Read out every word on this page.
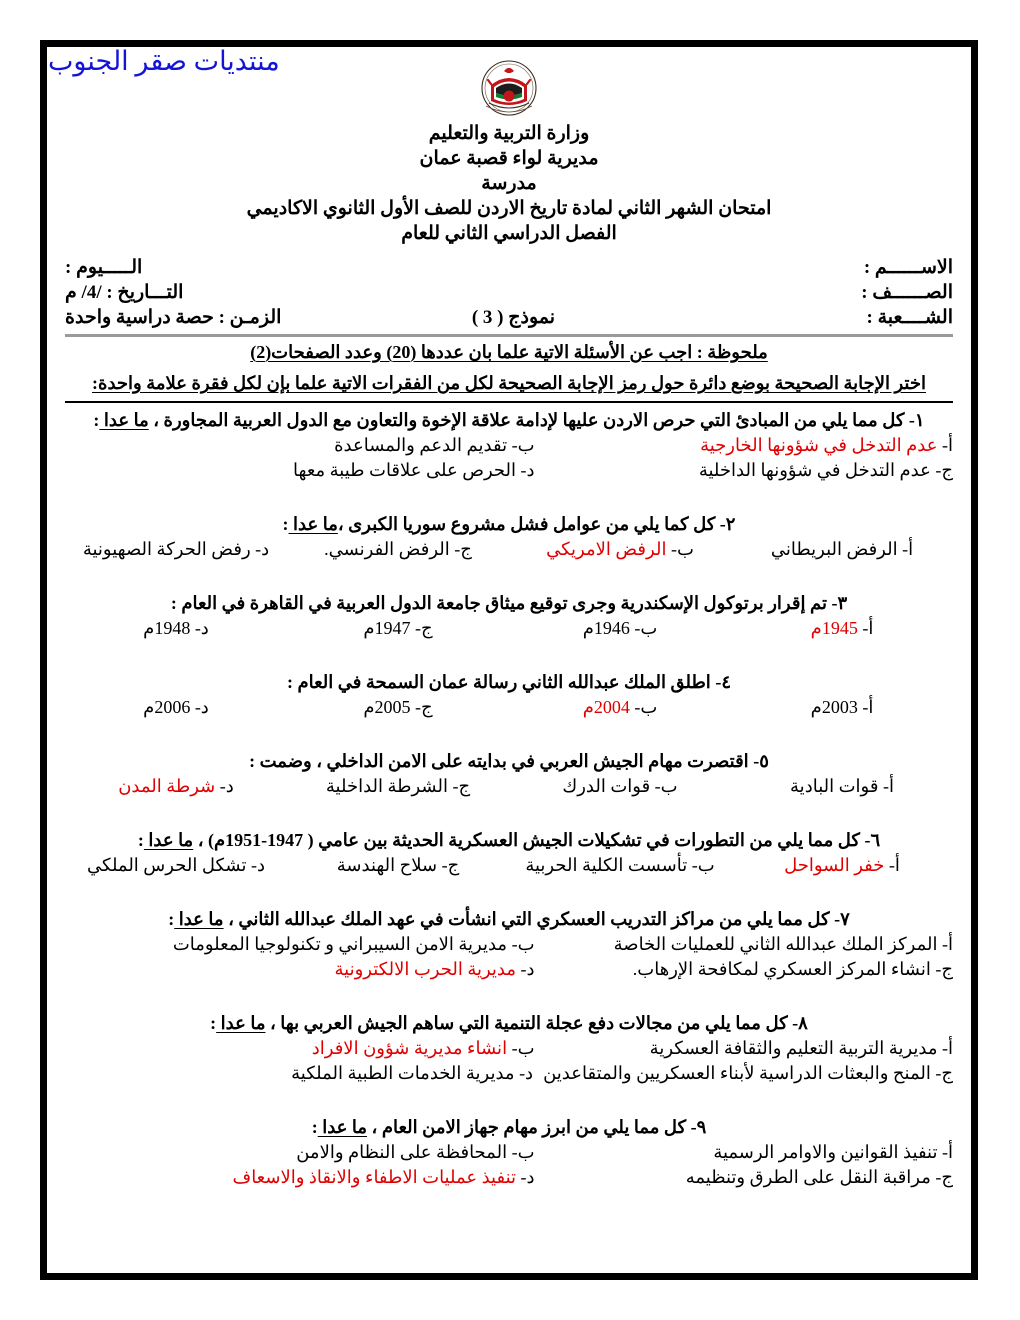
وزارة التربية والتعليم
مديرية لواء قصبة عمان
مدرسة
امتحان الشهر الثاني لمادة تاريخ الاردن للصف الأول الثانوي الاكاديمي
الفصل الدراسي الثاني للعام
الاســــــم :
الـــــيوم :
الصــــــف :
التـــاريخ : /4/ م
الشــــعبة :
نموذج ( 3 )
الزمـن : حصة دراسية واحدة
ملحوظة : اجب عن الأسئلة الاتية علما بان عددها (20) وعدد الصفحات(2)
اختر الإجابة الصحيحة بوضع دائرة حول رمز الإجابة الصحيحة لكل من الفقرات الاتية علما بإن لكل فقرة علامة واحدة:
١- كل مما يلي من المبادئ التي حرص الاردن عليها لإدامة علاقة الإخوة والتعاون مع الدول العربية المجاورة ، ما عدا :
أ- عدم التدخل في شؤونها الخارجية
ب- تقديم الدعم والمساعدة
ج- عدم التدخل في شؤونها الداخلية
د- الحرص على علاقات طيبة معها
٢- كل كما يلي من عوامل فشل مشروع سوريا الكبرى ،ما عدا :
أ- الرفض البريطاني
ب- الرفض الامريكي
ج- الرفض الفرنسي.
د- رفض الحركة الصهيونية
٣- تم إقرار برتوكول الإسكندرية وجرى توقيع ميثاق جامعة الدول العربية في القاهرة في العام :
أ- 1945م
ب- 1946م
ج- 1947م
د- 1948م
٤- اطلق الملك عبدالله الثاني رسالة عمان السمحة في العام :
أ- 2003م
ب- 2004م
ج- 2005م
د- 2006م
٥- اقتصرت مهام الجيش العربي في بدايته على الامن الداخلي ، وضمت :
أ- قوات البادية
ب- قوات الدرك
ج- الشرطة الداخلية
د- شرطة المدن
٦- كل مما يلي من التطورات في تشكيلات الجيش العسكرية الحديثة بين عامي ( 1947-1951م) ، ما عدا :
أ- خفر السواحل
ب- تأسست الكلية الحربية
ج- سلاح الهندسة
د- تشكل الحرس الملكي
٧- كل مما يلي من مراكز التدريب العسكري التي انشأت في عهد الملك عبدالله الثاني ، ما عدا :
أ- المركز الملك عبدالله الثاني للعمليات الخاصة
ب- مديرية الامن السيبراني و تكنولوجيا المعلومات
ج- انشاء المركز العسكري لمكافحة الإرهاب.
د- مديرية الحرب الالكترونية
٨- كل مما يلي من مجالات دفع عجلة التنمية التي ساهم الجيش العربي بها ، ما عدا :
أ- مديرية التربية التعليم والثقافة العسكرية
ب- انشاء مديرية شؤون الافراد
ج- المنح والبعثات الدراسية لأبناء العسكريين والمتقاعدين
د- مديرية الخدمات الطبية الملكية
٩- كل مما يلي من ابرز مهام جهاز الامن العام ، ما عدا :
أ- تنفيذ القوانين والاوامر الرسمية
ب- المحافظة على النظام والامن
ج- مراقبة النقل على الطرق وتنظيمه
د- تنفيذ عمليات الاطفاء والانقاذ والاسعاف
منتديات صقر الجنوب
